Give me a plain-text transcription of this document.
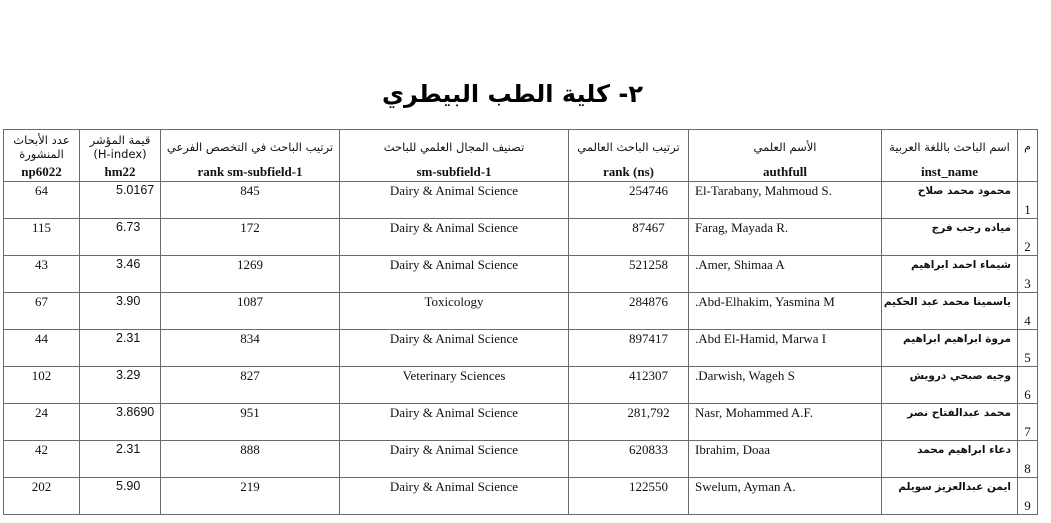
٢- كلية الطب البيطري
عدد الأبحاث المنشورة	قيمة المؤشر (H-index)	ترتيب الباحث في التخصص الفرعي	تصنيف المجال العلمي للباحث	ترتيب الباحث العالمي	الأسم العلمي	اسم الباحث باللغة العربية	م
np6022	hm22	rank sm-subfield-1	sm-subfield-1	rank (ns)	authfull	inst_name	
64	5.0167	845	Dairy & Animal Science	254746	El-Tarabany, Mahmoud S.	محمود محمد صلاح	1
115	6.73	172	Dairy & Animal Science	87467	Farag, Mayada R.	مياده رجب فرج	2
43	3.46	1269	Dairy & Animal Science	521258	.Amer, Shimaa A	شيماء احمد ابراهيم	3
67	3.90	1087	Toxicology	284876	.Abd-Elhakim, Yasmina M	ياسمينا محمد عبد الحكيم	4
44	2.31	834	Dairy & Animal Science	897417	.Abd El-Hamid, Marwa I	مروة ابراهيم ابراهيم	5
102	3.29	827	Veterinary Sciences	412307	.Darwish, Wageh S	وجيه صبحي درويش	6
24	3.8690	951	Dairy & Animal Science	281,792	Nasr, Mohammed A.F.	محمد عبدالفتاح نصر	7
42	2.31	888	Dairy & Animal Science	620833	Ibrahim, Doaa	دعاء ابراهيم محمد	8
202	5.90	219	Dairy & Animal Science	122550	Swelum, Ayman A.	ايمن عبدالعزيز سويلم	9
